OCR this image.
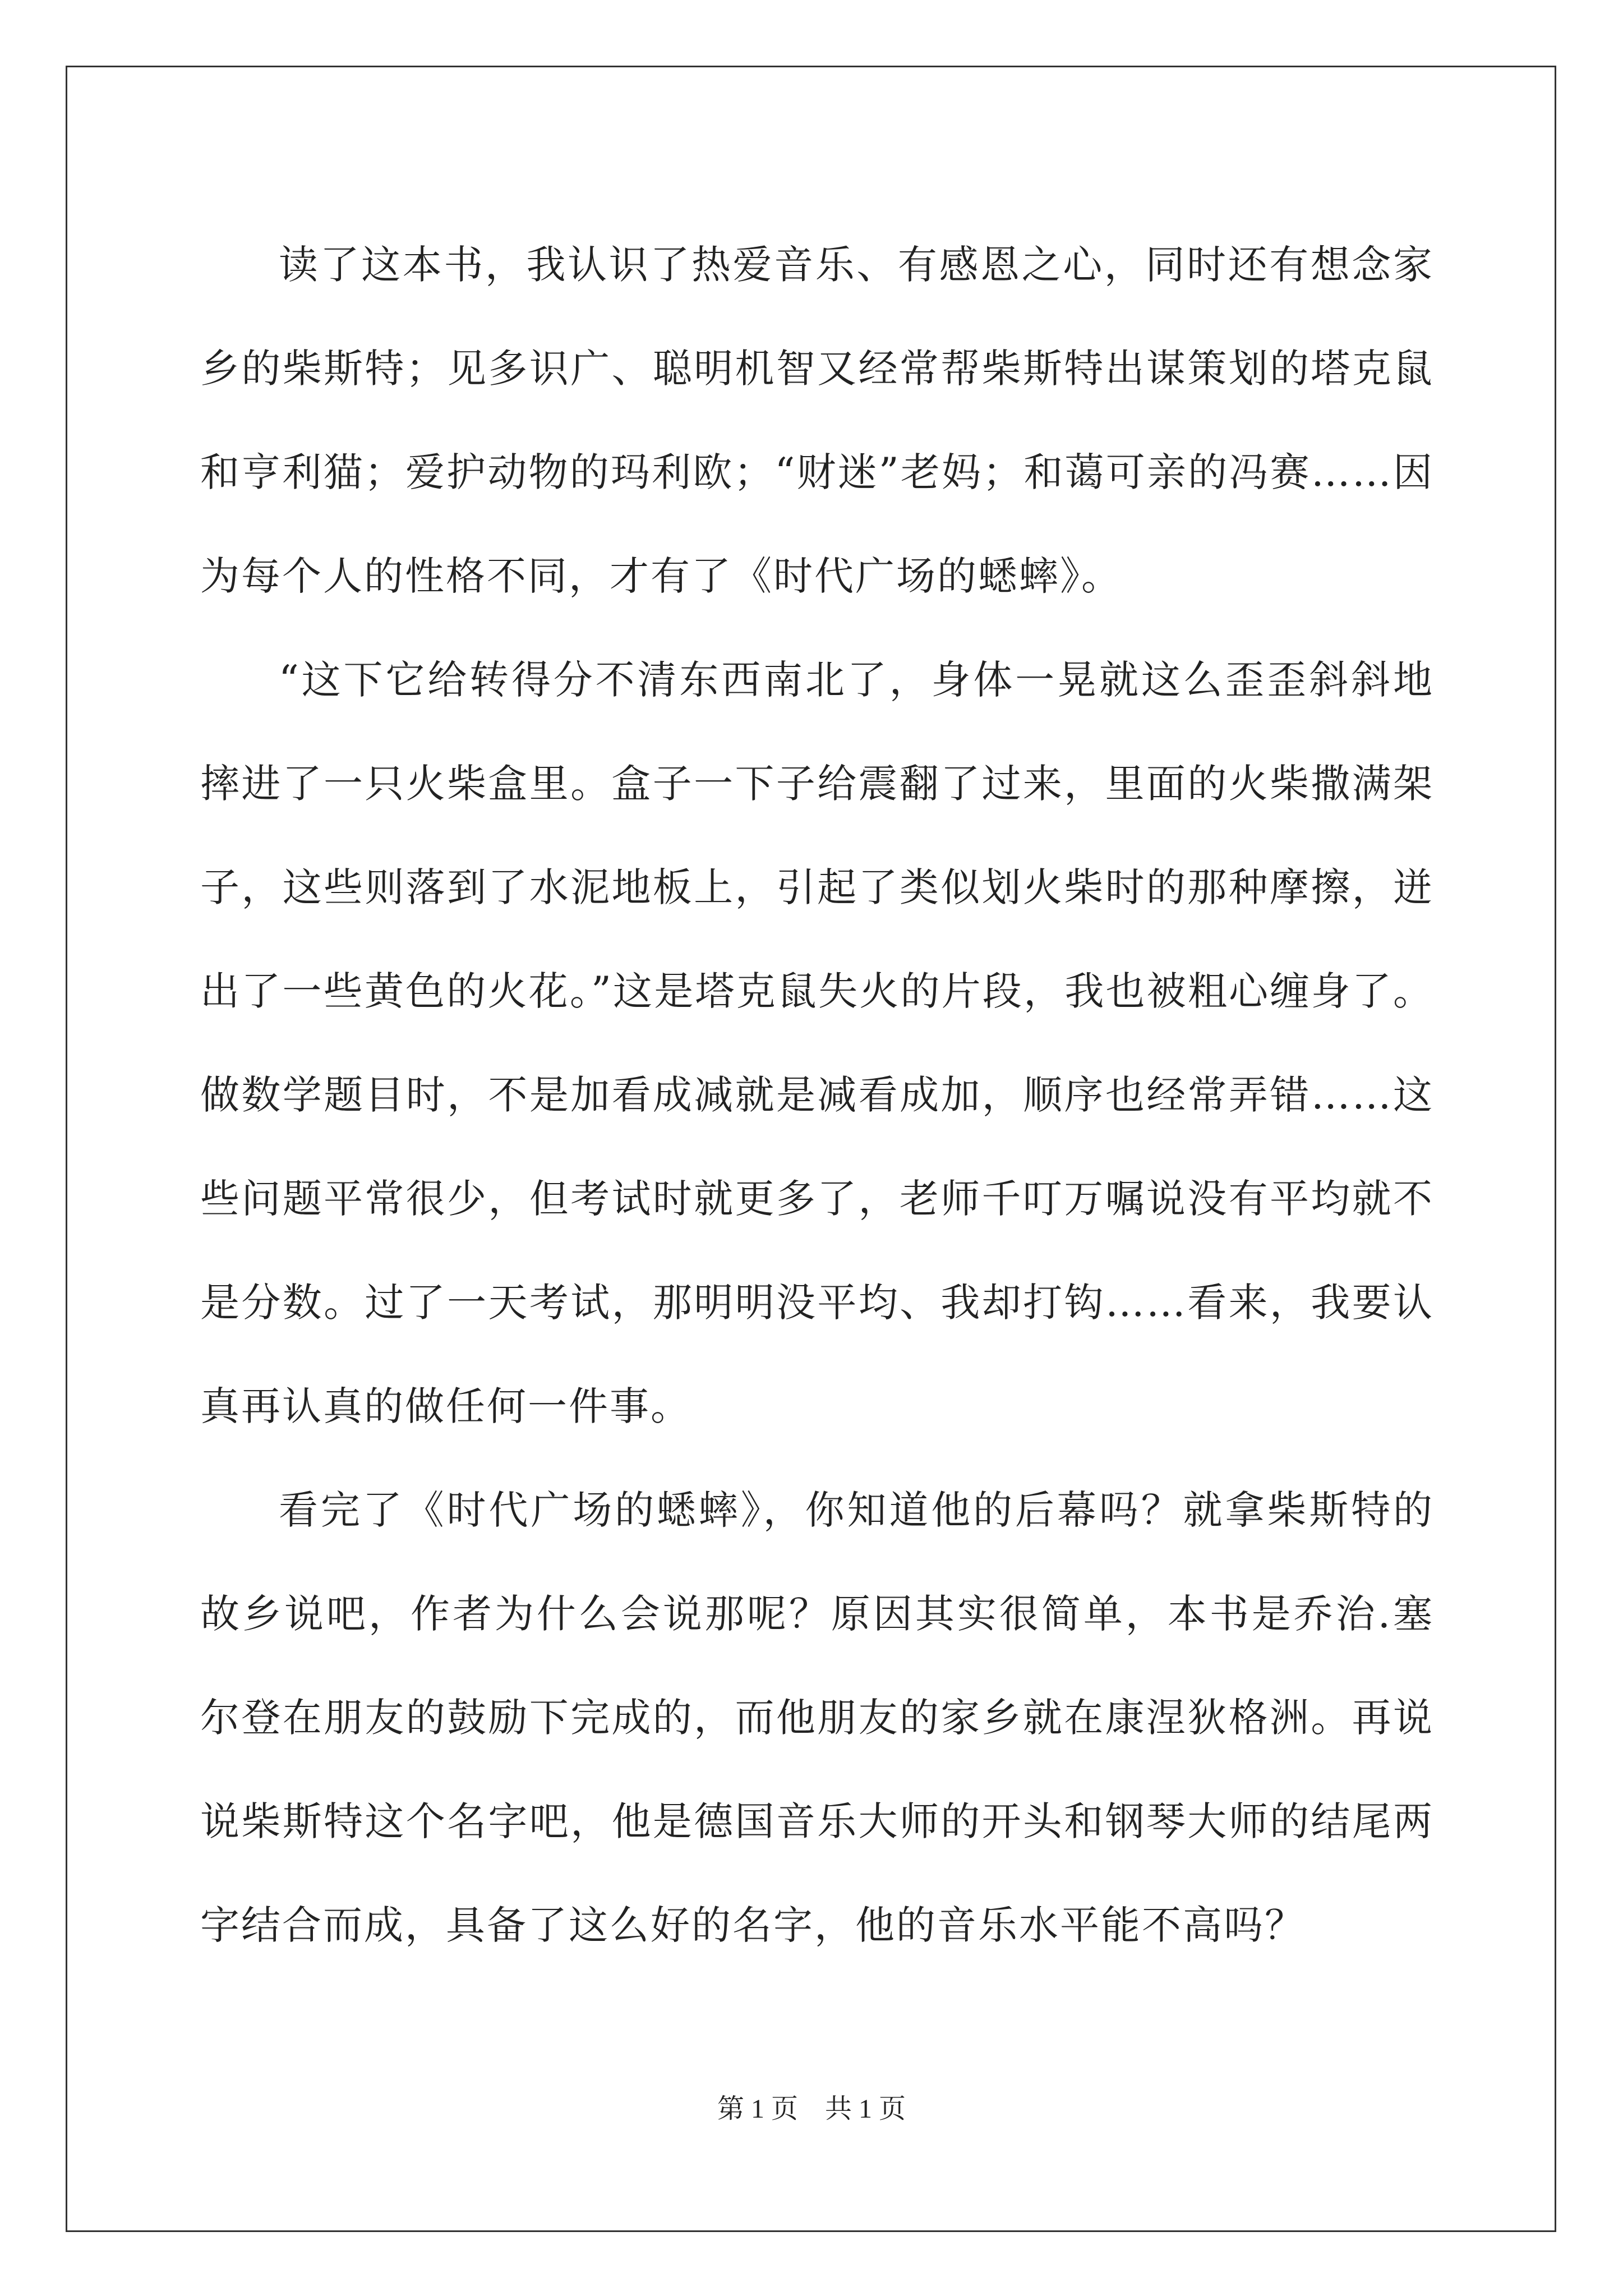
读了这本书，我认识了热爱音乐、有感恩之心，同时还有想念家乡的柴斯特；见多识广、聪明机智又经常帮柴斯特出谋策划的塔克鼠和亨利猫；爱护动物的玛利欧；“财迷”老妈；和蔼可亲的冯赛……因为每个人的性格不同，才有了《时代广场的蟋蟀》。

“这下它给转得分不清东西南北了，身体一晃就这么歪歪斜斜地摔进了一只火柴盒里。盒子一下子给震翻了过来，里面的火柴撒满架子，这些则落到了水泥地板上，引起了类似划火柴时的那种摩擦，迸出了一些黄色的火花。”这是塔克鼠失火的片段，我也被粗心缠身了。做数学题目时，不是加看成减就是减看成加，顺序也经常弄错……这些问题平常很少，但考试时就更多了，老师千叮万嘱说没有平均就不是分数。过了一天考试，那明明没平均、我却打钩……看来，我要认真再认真的做任何一件事。

看完了《时代广场的蟋蟀》，你知道他的后幕吗？就拿柴斯特的故乡说吧，作者为什么会说那呢？原因其实很简单，本书是乔治.塞尔登在朋友的鼓励下完成的，而他朋友的家乡就在康涅狄格洲。再说说柴斯特这个名字吧，他是德国音乐大师的开头和钢琴大师的结尾两字结合而成，具备了这么好的名字，他的音乐水平能不高吗？

第 1 页　共 1 页
